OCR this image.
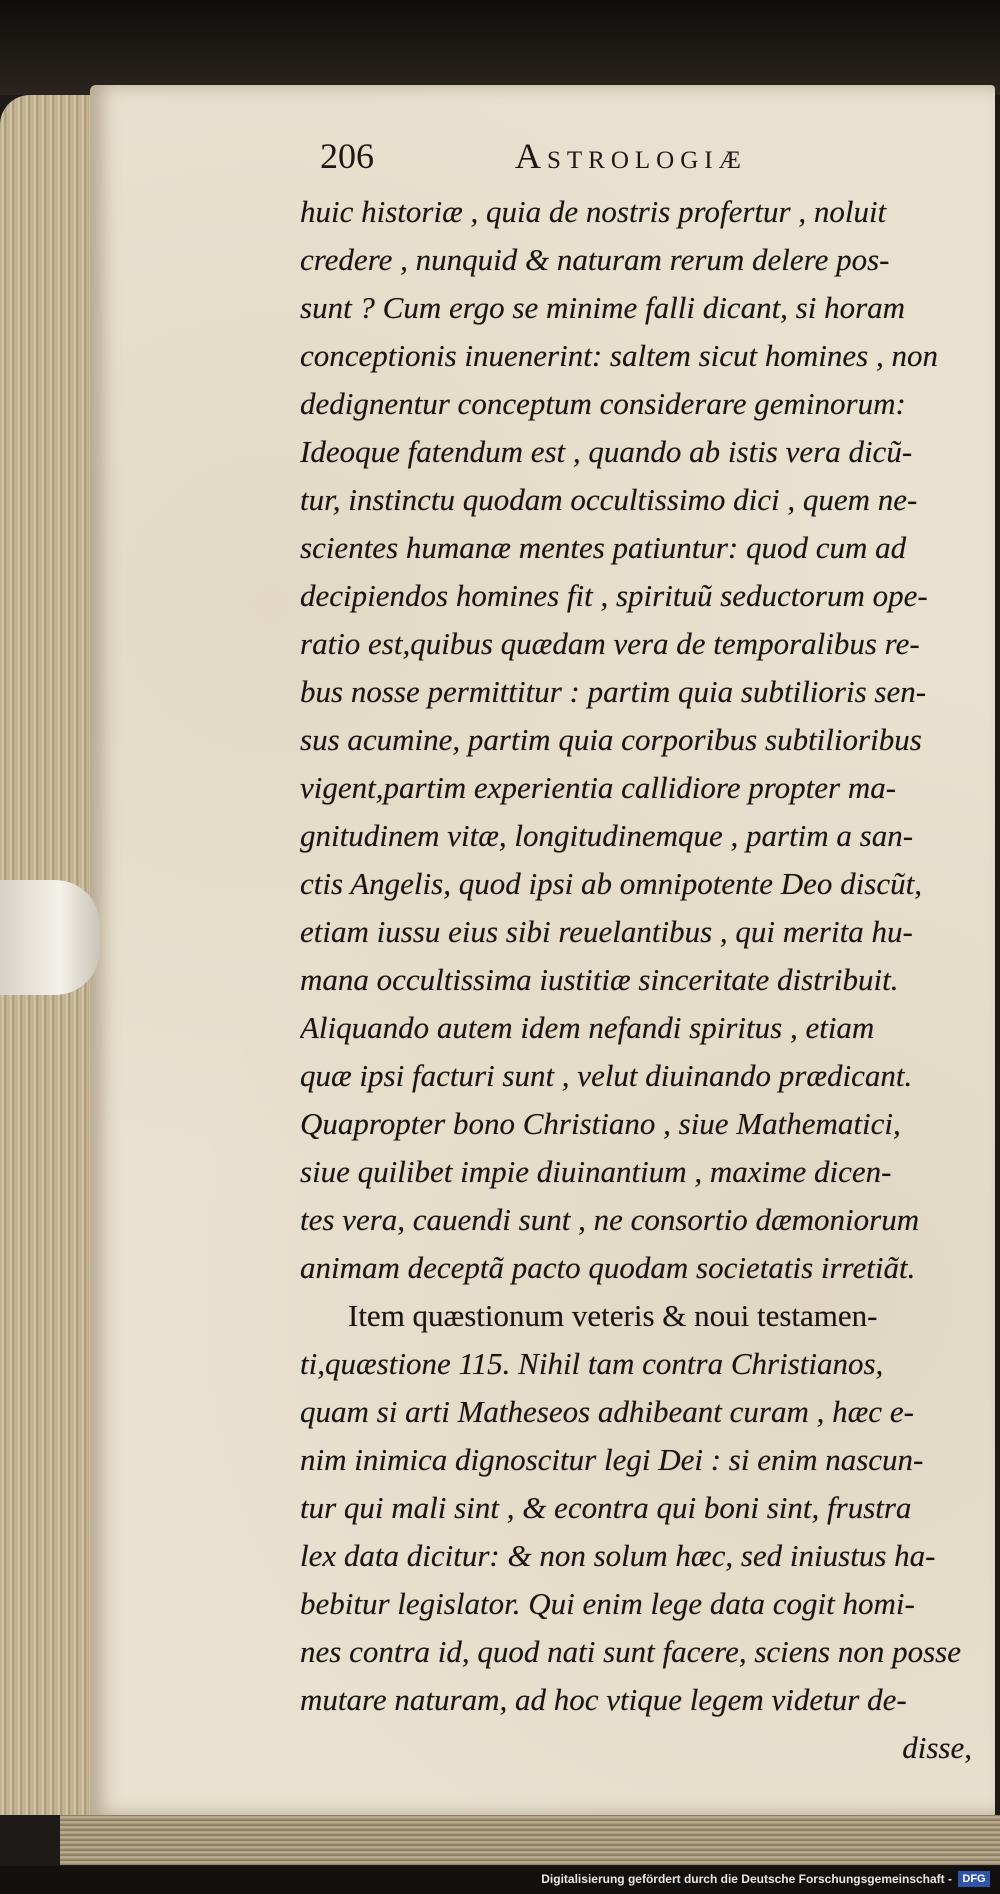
206	Astrologiæ
huic historiæ , quia de nostris profertur , noluit
credere , nunquid & naturam rerum delere pos-
sunt ? Cum ergo se minime falli dicant, si horam
conceptionis inuenerint: saltem sicut homines , non
dedignentur conceptum considerare geminorum:
Ideoque fatendum est , quando ab istis vera dicũ-
tur, instinctu quodam occultissimo dici , quem ne-
scientes humanæ mentes patiuntur: quod cum ad
decipiendos homines fit , spirituũ seductorum ope-
ratio est,quibus quædam vera de temporalibus re-
bus nosse permittitur : partim quia subtilioris sen-
sus acumine, partim quia corporibus subtilioribus
vigent,partim experientia callidiore propter ma-
gnitudinem vitæ, longitudinemque , partim a san-
ctis Angelis, quod ipsi ab omnipotente Deo discũt,
etiam iussu eius sibi reuelantibus , qui merita hu-
mana occultissima iustitiæ sinceritate distribuit.
Aliquando autem idem nefandi spiritus , etiam
quæ ipsi facturi sunt , velut diuinando prædicant.
Quapropter bono Christiano , siue Mathematici,
siue quilibet impie diuinantium , maxime dicen-
tes vera, cauendi sunt , ne consortio dæmoniorum
animam deceptã pacto quodam societatis irretiãt.
Item quæstionum veteris & noui testamen-
ti,quæstione 115. Nihil tam contra Christianos,
quam si arti Matheseos adhibeant curam , hæc e-
nim inimica dignoscitur legi Dei : si enim nascun-
tur qui mali sint , & econtra qui boni sint, frustra
lex data dicitur: & non solum hæc, sed iniustus ha-
bebitur legislator. Qui enim lege data cogit homi-
nes contra id, quod nati sunt facere, sciens non posse
mutare naturam, ad hoc vtique legem videtur de-
disse,
Digitalisierung gefördert durch die Deutsche Forschungsgemeinschaft - DFG
